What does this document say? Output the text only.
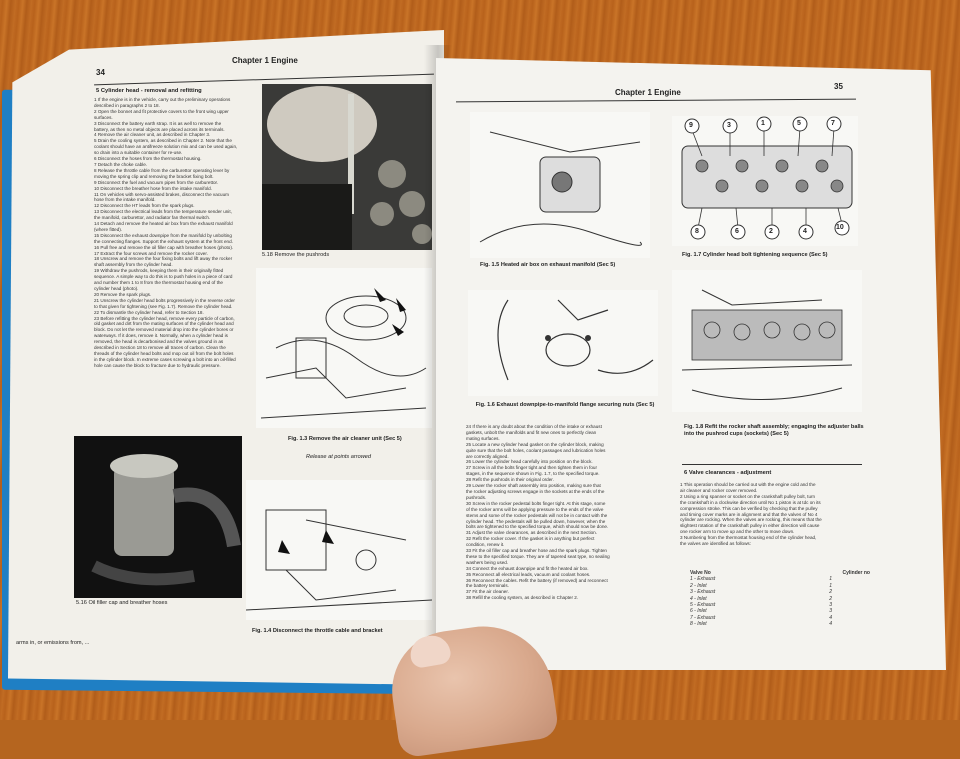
34
Chapter 1 Engine
5 Cylinder head - removal and refitting
1 If the engine is in the vehicle, carry out the preliminary operations
described in paragraphs 2 to 18.
2 Open the bonnet and fit protective covers to the front wing upper
surfaces.
3 Disconnect the battery earth strap. It is as well to remove the
battery, as then no metal objects are placed across its terminals.
4 Remove the air cleaner unit, as described in Chapter 3.
5 Drain the cooling system, as described in Chapter 2. Note that the
coolant should have an antifreeze solution mix and can be used again,
so drain into a suitable container for re-use.
6 Disconnect the hoses from the thermostat housing.
7 Detach the choke cable.
8 Release the throttle cable from the carburettor operating lever by
moving the spring clip and removing the bracket fixing bolt.
9 Disconnect the fuel and vacuum pipes from the carburettor.
10 Disconnect the breather hose from the intake manifold.
11 On vehicles with servo-assisted brakes, disconnect the vacuum
hose from the intake manifold.
12 Disconnect the HT leads from the spark plugs.
13 Disconnect the electrical leads from the temperature sender unit,
the manifold, carburettor, and radiator fan thermal switch.
14 Detach and remove the heated air box from the exhaust manifold
(where fitted).
15 Disconnect the exhaust downpipe from the manifold by unbolting
the connecting flanges. Support the exhaust system at the front end.
16 Pull free and remove the oil filler cap with breather hoses (photo).
17 Extract the four screws and remove the rocker cover.
18 Unscrew and remove the four fixing bolts and lift away the rocker
shaft assembly from the cylinder head.
19 Withdraw the pushrods, keeping them in their originally fitted
sequence. A simple way to do this is to push holes in a piece of card
and number them 1 to 8 from the thermostat housing end of the
cylinder head (photo).
20 Remove the spark plugs.
21 Unscrew the cylinder head bolts progressively in the reverse order
to that given for tightening (see Fig. 1.7). Remove the cylinder head.
22 To dismantle the cylinder head, refer to Section 18.
23 Before refitting the cylinder head, remove every particle of carbon,
old gasket and dirt from the mating surfaces of the cylinder head and
block. Do not let the removed material drop into the cylinder bores or
waterways. If it does, remove it. Normally, when a cylinder head is
removed, the head is decarbonised and the valves ground in as
described in Section 18 to remove all traces of carbon. Clean the
threads of the cylinder head bolts and mop out oil from the bolt holes
in the cylinder block. In extreme cases screwing a bolt into an oil-filled
hole can cause the block to fracture due to hydraulic pressure.
5.18 Remove the pushrods
Fig. 1.3 Remove the air cleaner unit (Sec 5)
Release at points arrowed
5.16 Oil filler cap and breather hoses
Fig. 1.4 Disconnect the throttle cable and bracket
arms in, or emissions from, ...
Chapter 1 Engine
35
Fig. 1.5 Heated air box on exhaust manifold (Sec 5)
9	3	1	5	7
8	6	2	4
10
Fig. 1.7 Cylinder head bolt tightening sequence (Sec 5)
Fig. 1.6 Exhaust downpipe-to-manifold flange securing nuts (Sec 5)
Fig. 1.8 Refit the rocker shaft assembly; engaging the adjuster balls into the pushrod cups (sockets) (Sec 5)
24 If there is any doubt about the condition of the intake or exhaust
gaskets, unbolt the manifolds and fit new ones to perfectly clean
mating surfaces.
25 Locate a new cylinder head gasket on the cylinder block, making
quite sure that the bolt holes, coolant passages and lubrication holes
are correctly aligned.
26 Lower the cylinder head carefully into position on the block.
27 Screw in all the bolts finger tight and then tighten them in four
stages, in the sequence shown in Fig. 1.7, to the specified torque.
28 Refit the pushrods in their original order.
29 Lower the rocker shaft assembly into position, making sure that
the rocker adjusting screws engage in the sockets at the ends of the
pushrods.
30 Screw in the rocker pedestal bolts finger tight. At this stage, some
of the rocker arms will be applying pressure to the ends of the valve
stems and some of the rocker pedestals will not be in contact with the
cylinder head. The pedestals will be pulled down, however, when the
bolts are tightened to the specified torque, which should now be done.
31 Adjust the valve clearances, as described in the next Section.
32 Refit the rocker cover. If the gasket is in anything but perfect
condition, renew it.
33 Fit the oil filler cap and breather hose and the spark plugs. Tighten
these to the specified torque. They are of tapered seat type, no sealing
washers being used.
34 Connect the exhaust downpipe and fit the heated air box.
35 Reconnect all electrical leads, vacuum and coolant hoses.
36 Reconnect the cables. Refit the battery (if removed) and reconnect
the battery terminals.
37 Fit the air cleaner.
38 Refill the cooling system, as described in Chapter 2.
6 Valve clearances - adjustment
1 This operation should be carried out with the engine cold and the
air cleaner and rocker cover removed.
2 Using a ring spanner or socket on the crankshaft pulley bolt, turn
the crankshaft in a clockwise direction until No 1 piston is at tdc on its
compression stroke. This can be verified by checking that the pulley
and timing cover marks are in alignment and that the valves of No 4
cylinder are rocking. When the valves are rocking, this means that the
slightest rotation of the crankshaft pulley in either direction will cause
one rocker arm to move up and the other to move down.
3 Numbering from the thermostat housing end of the cylinder head,
the valves are identified as follows:
Valve No	Cylinder no
1 - Exhaust	1
2 - Inlet	1
3 - Exhaust	2
4 - Inlet	2
5 - Exhaust	3
6 - Inlet	3
7 - Exhaust	4
8 - Inlet	4
